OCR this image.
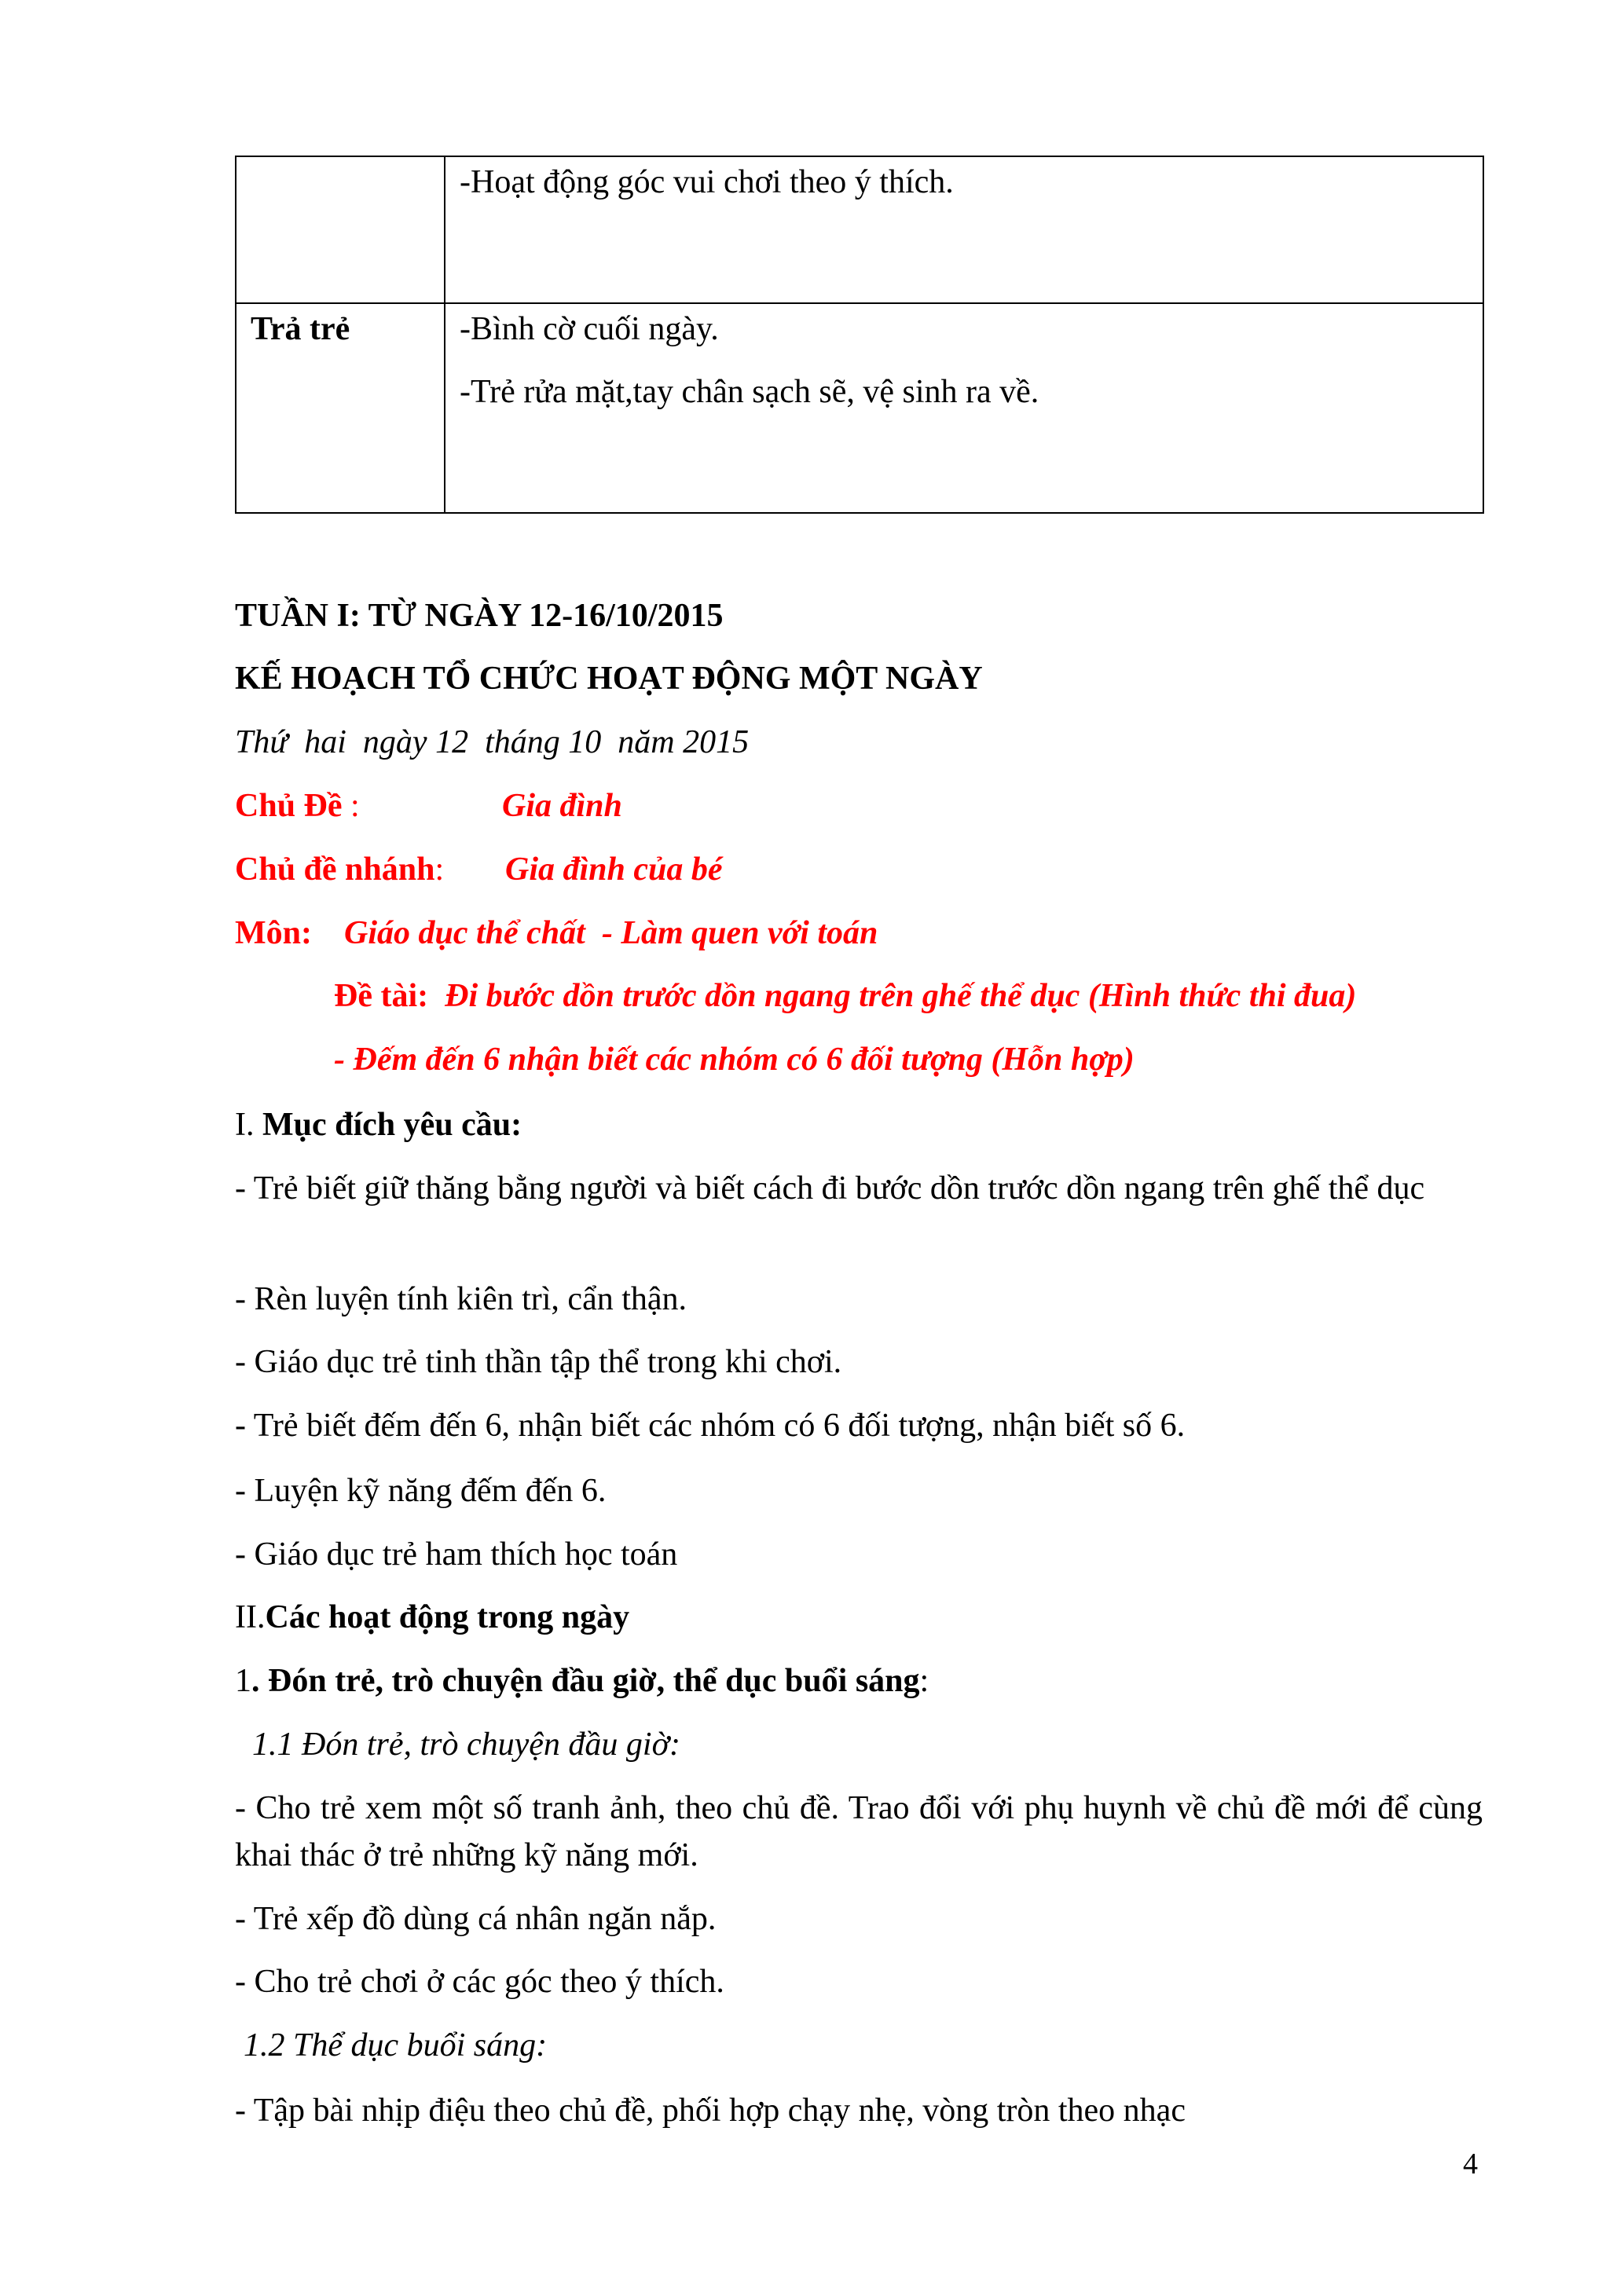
	-Hoạt động góc vui chơi theo ý thích.

Trả trẻ	-Bình cờ cuối ngày.
-Trẻ rửa mặt,tay chân sạch sẽ, vệ sinh ra về.
TUẦN I: TỪ NGÀY 12-16/10/2015
KẾ HOẠCH TỔ CHỨC HOẠT ĐỘNG MỘT NGÀY
Thứ  hai  ngày 12  tháng 10  năm 2015
Chủ Đề :	Gia đình
Chủ đề nhánh: Gia đình của bé
Môn: Giáo dục thể chất  - Làm quen với toán
Đề tài: Đi bước dồn trước dồn ngang trên ghế thể dục (Hình thức thi đua)
- Đếm đến 6 nhận biết các nhóm có 6 đối tượng (Hỗn hợp)
I. Mục đích yêu cầu:
- Trẻ biết giữ thăng bằng người và biết cách đi bước dồn trước dồn ngang trên ghế thể dục
- Rèn luyện tính kiên trì, cẩn thận.
- Giáo dục trẻ tinh thần tập thể trong khi chơi.
- Trẻ biết đếm đến 6, nhận biết các nhóm có 6 đối tượng, nhận biết số 6.
- Luyện kỹ năng đếm đến 6.
- Giáo dục trẻ ham thích học toán
II.Các hoạt động trong ngày
1. Đón trẻ, trò chuyện đầu giờ, thể dục buổi sáng:
1.1 Đón trẻ, trò chuyện đầu giờ:
- Cho trẻ xem một số tranh ảnh, theo chủ đề. Trao đổi với phụ huynh về chủ đề mới để cùng khai thác ở trẻ những kỹ năng mới.
- Trẻ xếp đồ dùng cá nhân ngăn nắp.
- Cho trẻ chơi ở các góc theo ý thích.
1.2 Thể dục buổi sáng:
- Tập bài nhịp điệu theo chủ đề, phối hợp chạy nhẹ, vòng tròn theo nhạc
4
